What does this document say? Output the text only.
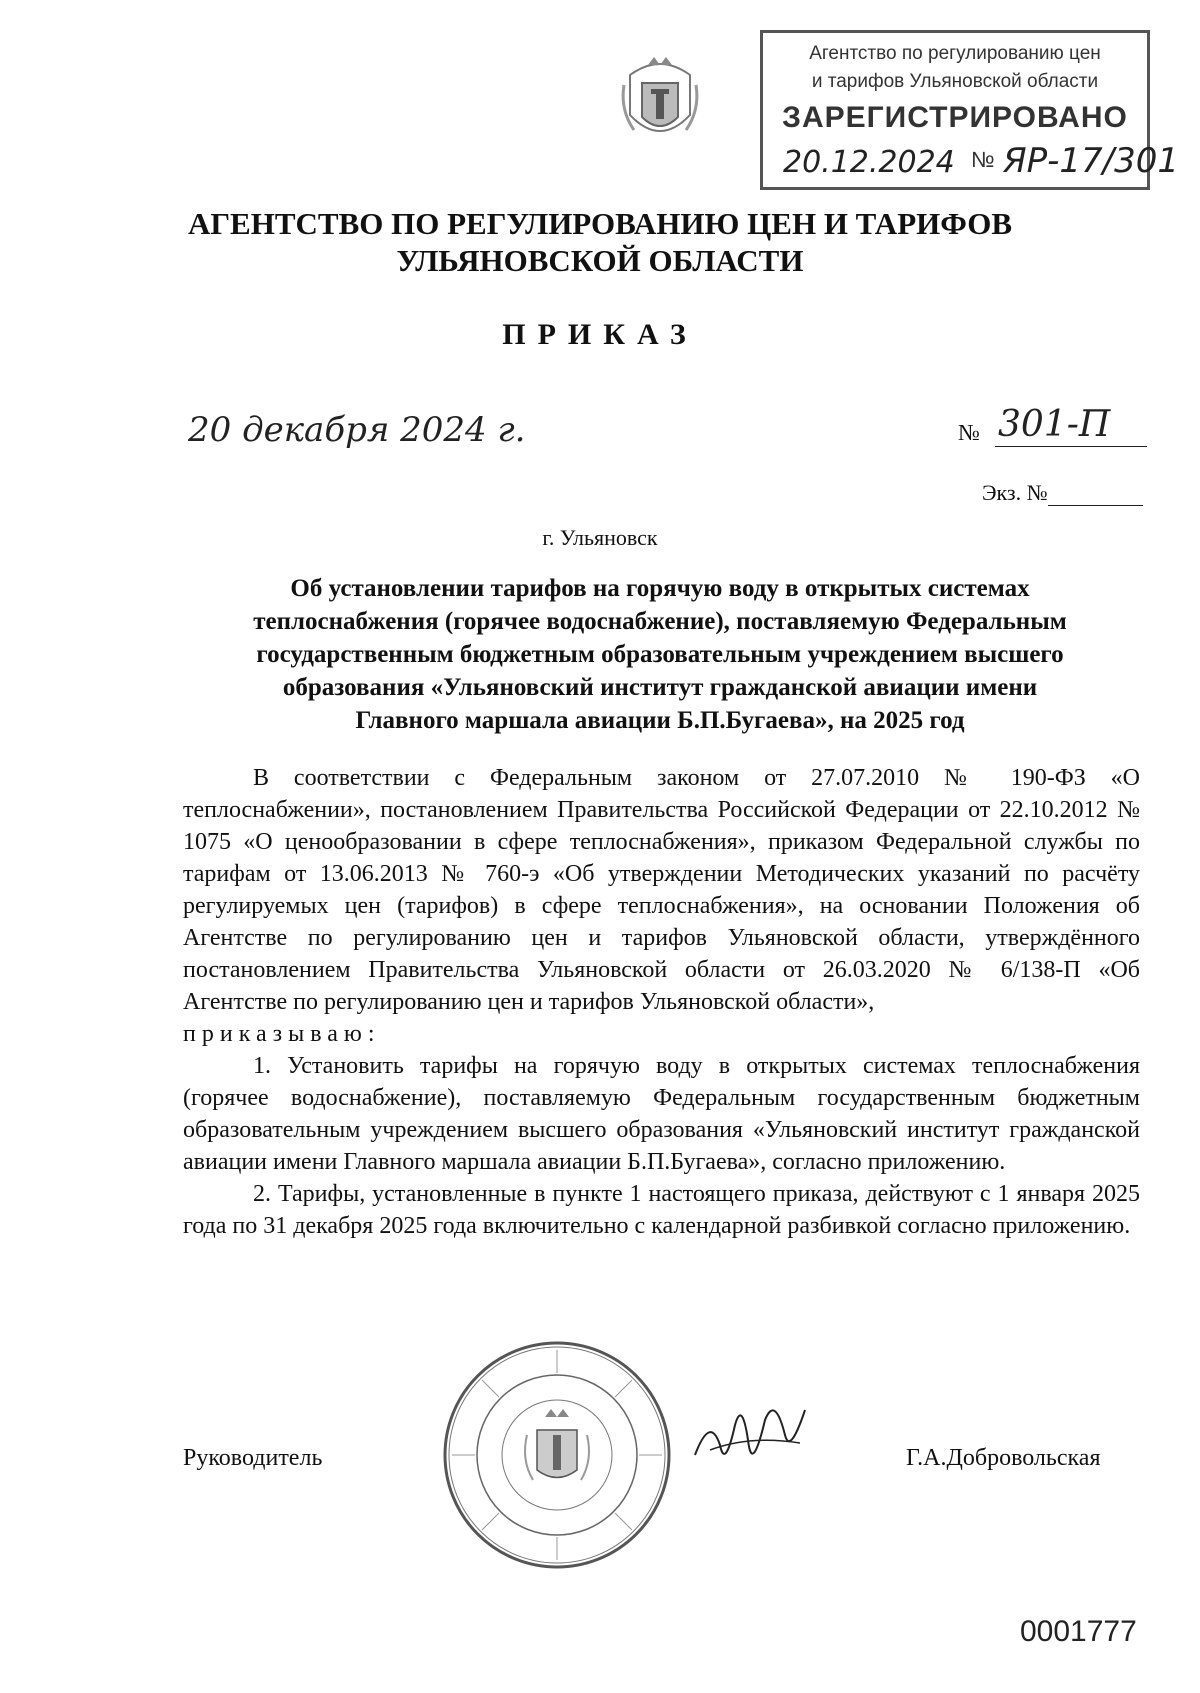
Агентство по регулированию цен
и тарифов Ульяновской области
ЗАРЕГИСТРИРОВАНО
20.12.2024 № ЯР-17/301
АГЕНТСТВО ПО РЕГУЛИРОВАНИЮ ЦЕН И ТАРИФОВ
УЛЬЯНОВСКОЙ ОБЛАСТИ
ПРИКАЗ
20 декабря 2024 г.	№ 301-П
Экз. №
г. Ульяновск
Об установлении тарифов на горячую воду в открытых системах
теплоснабжения (горячее водоснабжение), поставляемую Федеральным
государственным бюджетным образовательным учреждением высшего
образования «Ульяновский институт гражданской авиации имени
Главного маршала авиации Б.П.Бугаева», на 2025 год

В соответствии с Федеральным законом от 27.07.2010 № 190-ФЗ «О теплоснабжении», постановлением Правительства Российской Федерации от 22.10.2012 № 1075 «О ценообразовании в сфере теплоснабжения», приказом Федеральной службы по тарифам от 13.06.2013 № 760-э «Об утверждении Методических указаний по расчёту регулируемых цен (тарифов) в сфере теплоснабжения», на основании Положения об Агентстве по регулированию цен и тарифов Ульяновской области, утверждённого постановлением Правительства Ульяновской области от 26.03.2020 № 6/138-П «Об Агентстве по регулированию цен и тарифов Ульяновской области»,

приказываю:

1. Установить тарифы на горячую воду в открытых системах теплоснабжения (горячее водоснабжение), поставляемую Федеральным государственным бюджетным образовательным учреждением высшего образования «Ульяновский институт гражданской авиации имени Главного маршала авиации Б.П.Бугаева», согласно приложению.

2. Тарифы, установленные в пункте 1 настоящего приказа, действуют с 1 января 2025 года по 31 декабря 2025 года включительно с календарной разбивкой согласно приложению.

Руководитель	Г.А.Добровольская
0001777
